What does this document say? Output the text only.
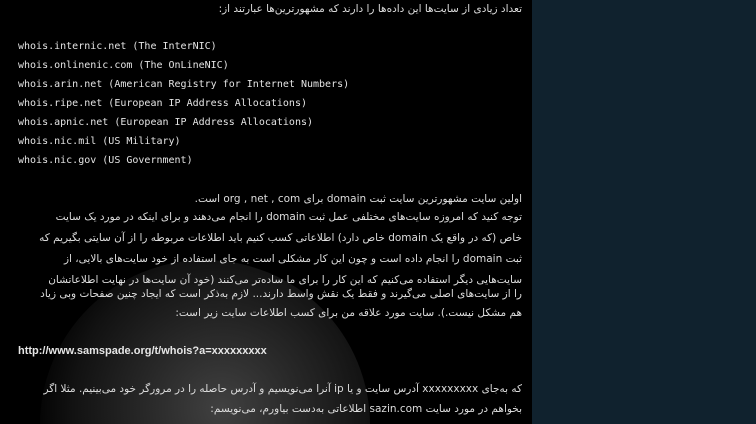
تعداد زیادی از سایت‌ها این داده‌ها را دارند که مشهورترین‌ها عبارتند از:

whois.internic.net (The InterNIC)

whois.onlinenic.com (The OnLineNIC)

whois.arin.net (American Registry for Internet Numbers)

whois.ripe.net (European IP Address Allocations)

whois.apnic.net (European IP Address Allocations)

whois.nic.mil (US Military)

whois.nic.gov (US Government)

اولین سایت مشهورترین سایت ثبت domain برای org , net , com است.

توجه کنید که امروزه سایت‌های مختلفی عمل ثبت domain را انجام می‌دهند و برای اینکه در مورد یک سایت

خاص (که در واقع یک domain خاص دارد) اطلاعاتی کسب کنیم باید اطلاعات مربوطه را از آن سایتی بگیریم که

ثبت domain را انجام داده است و چون این کار مشکلی است به جای استفاده از خود سایت‌های بالایی، از

سایت‌هایی دیگر استفاده می‌کنیم که این کار را برای ما ساده‌تر می‌کنند (خود آن سایت‌ها در نهایت اطلاعاتشان

را از سایت‌های اصلی می‌گیرند و فقط یک نقش واسط دارند... لازم به‌ذکر است که ایجاد چنین صفحات وبی زیاد

هم مشکل نیست.). سایت مورد علاقه من برای کسب اطلاعات سایت زیر است:

http://www.samspade.org/t/whois?a=xxxxxxxxx

که به‌جای xxxxxxxxx آدرس سایت و یا ip آنرا می‌نویسیم و آدرس حاصله را در مرورگر خود می‌بینیم. مثلا اگر

بخواهم در مورد سایت sazin.com اطلاعاتی به‌دست بیاورم، می‌نویسم:
